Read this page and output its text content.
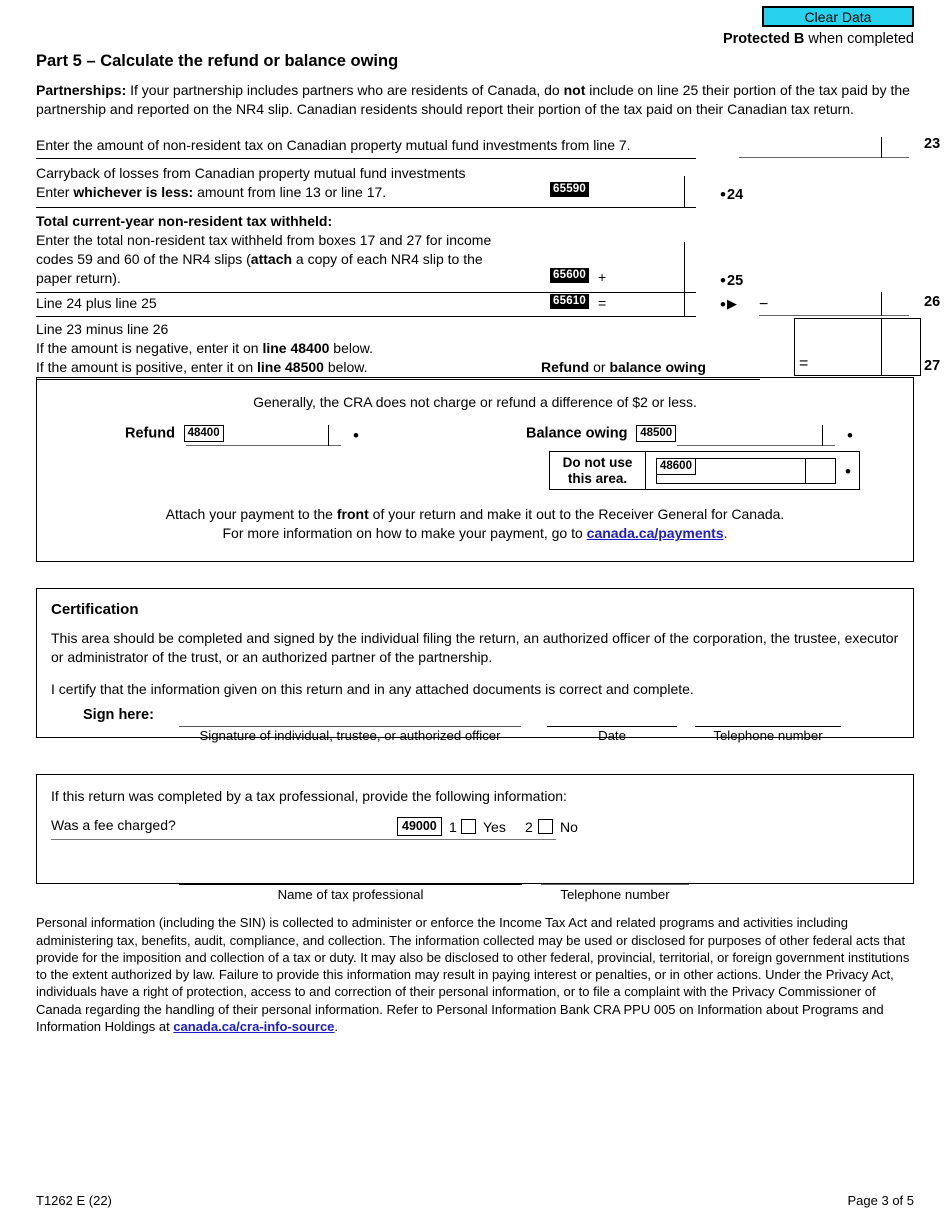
Clear Data
Protected B when completed
Part 5 – Calculate the refund or balance owing

Partnerships: If your partnership includes partners who are residents of Canada, do not include on line 25 their portion of the tax paid by the partnership and reported on the NR4 slip. Canadian residents should report their portion of the tax paid on their Canadian tax return.

Enter the amount of non-resident tax on Canadian property mutual fund investments from line 7.	23
Carryback of losses from Canadian property mutual fund investments
Enter whichever is less: amount from line 13 or line 17.	65590	• 24
Total current-year non-resident tax withheld:
Enter the total non-resident tax withheld from boxes 17 and 27 for income
codes 59 and 60 of the NR4 slips (attach a copy of each NR4 slip to the
paper return).	65600 +	• 25
Line 24 plus line 25	65610 =	• ▶ −	26
Line 23 minus line 26
If the amount is negative, enter it on line 48400 below.
If the amount is positive, enter it on line 48500 below.	Refund or balance owing	=	27
Generally, the CRA does not charge or refund a difference of $2 or less.
Refund 48400	•	Balance owing 48500	•
Do not use
this area.
48600	•
Attach your payment to the front of your return and make it out to the Receiver General for Canada.
For more information on how to make your payment, go to canada.ca/payments.
Certification
This area should be completed and signed by the individual filing the return, an authorized officer of the corporation, the trustee, executor or administrator of the trust, or an authorized partner of the partnership.
I certify that the information given on this return and in any attached documents is correct and complete.
Sign here:
Signature of individual, trustee, or authorized officer	Date	Telephone number
If this return was completed by a tax professional, provide the following information:
Was a fee charged?	49000 1 Yes 2 No
Name of tax professional	Telephone number
Personal information (including the SIN) is collected to administer or enforce the Income Tax Act and related programs and activities including administering tax, benefits, audit, compliance, and collection. The information collected may be used or disclosed for purposes of other federal acts that provide for the imposition and collection of a tax or duty. It may also be disclosed to other federal, provincial, territorial, or foreign government institutions to the extent authorized by law. Failure to provide this information may result in paying interest or penalties, or in other actions. Under the Privacy Act, individuals have a right of protection, access to and correction of their personal information, or to file a complaint with the Privacy Commissioner of Canada regarding the handling of their personal information. Refer to Personal Information Bank CRA PPU 005 on Information about Programs and Information Holdings at canada.ca/cra-info-source.
T1262 E (22)	Page 3 of 5
